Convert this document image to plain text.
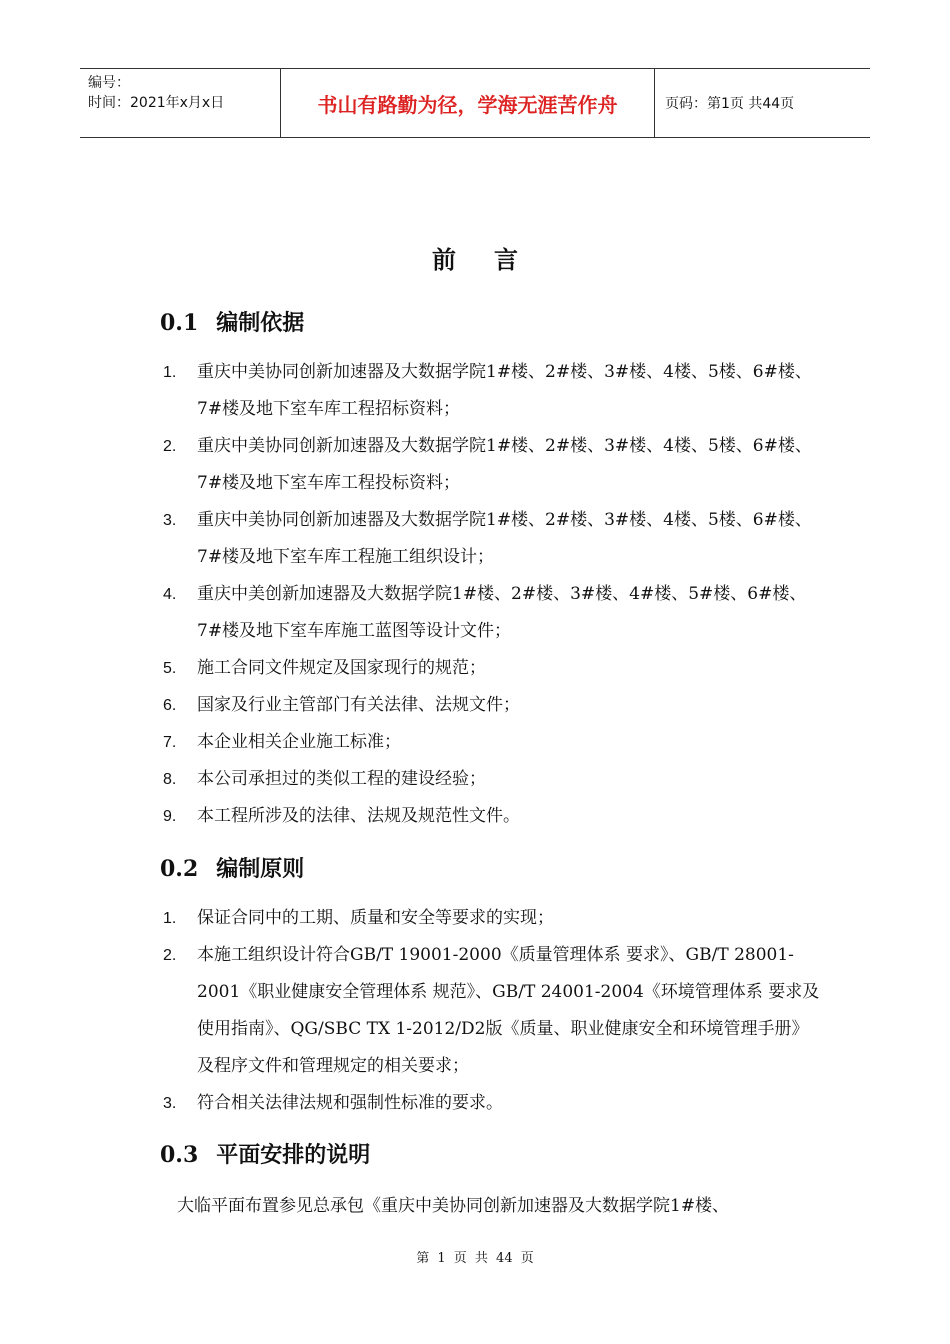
编号：
时间：2021年x月x日	书山有路勤为径，学海无涯苦作舟	页码：第1页 共44页
前言
0.1 编制依据
1. 重庆中美协同创新加速器及大数据学院1#楼、2#楼、3#楼、4楼、5楼、6#楼、7#楼及地下室车库工程招标资料；
2. 重庆中美协同创新加速器及大数据学院1#楼、2#楼、3#楼、4楼、5楼、6#楼、7#楼及地下室车库工程投标资料；
3. 重庆中美协同创新加速器及大数据学院1#楼、2#楼、3#楼、4楼、5楼、6#楼、7#楼及地下室车库工程施工组织设计；
4. 重庆中美创新加速器及大数据学院1#楼、2#楼、3#楼、4#楼、5#楼、6#楼、7#楼及地下室车库施工蓝图等设计文件；
5. 施工合同文件规定及国家现行的规范；
6. 国家及行业主管部门有关法律、法规文件；
7. 本企业相关企业施工标准；
8. 本公司承担过的类似工程的建设经验；
9. 本工程所涉及的法律、法规及规范性文件。
0.2 编制原则
1. 保证合同中的工期、质量和安全等要求的实现；
2. 本施工组织设计符合GB/T 19001-2000《质量管理体系 要求》、GB/T 28001-2001《职业健康安全管理体系 规范》、GB/T 24001-2004《环境管理体系 要求及使用指南》、QG/SBC TX 1-2012/D2版《质量、职业健康安全和环境管理手册》及程序文件和管理规定的相关要求；
3. 符合相关法律法规和强制性标准的要求。
0.3 平面安排的说明
大临平面布置参见总承包《重庆中美协同创新加速器及大数据学院1#楼、
第 1 页 共 44 页
